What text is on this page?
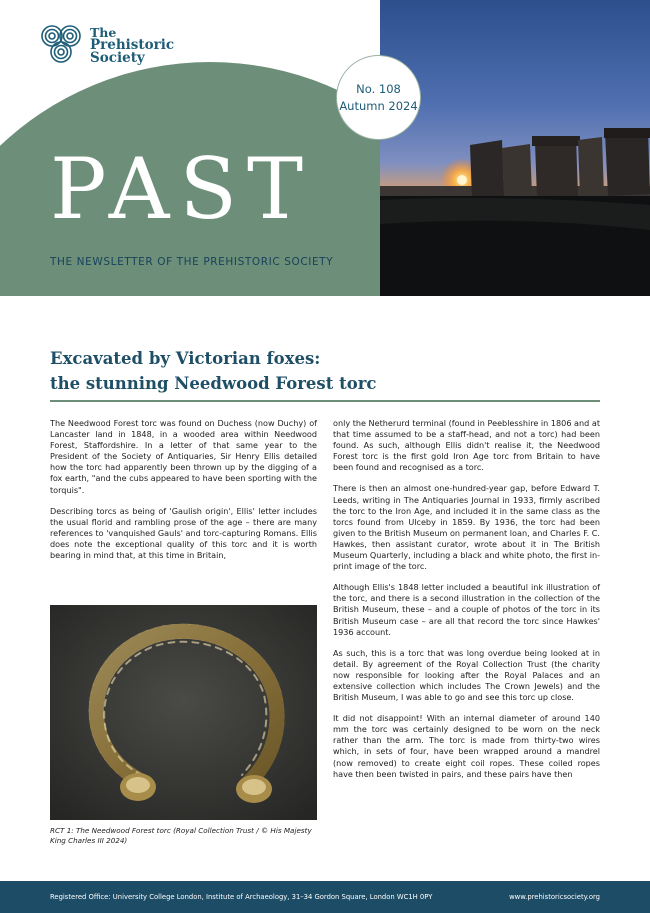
The
Prehistoric
Society
No. 108
Autumn 2024
PAST
THE NEWSLETTER OF THE PREHISTORIC SOCIETY
Excavated by Victorian foxes:
the stunning Needwood Forest torc

The Needwood Forest torc was found on Duchess (now Duchy) of Lancaster land in 1848, in a wooded area within Needwood Forest, Staffordshire. In a letter of that same year to the President of the Society of Antiquaries, Sir Henry Ellis detailed how the torc had apparently been thrown up by the digging of a fox earth, "and the cubs appeared to have been sporting with the torquis".

Describing torcs as being of 'Gaulish origin', Ellis' letter includes the usual florid and rambling prose of the age – there are many references to 'vanquished Gauls' and torc-capturing Romans. Ellis does note the exceptional quality of this torc and it is worth bearing in mind that, at this time in Britain,

RCT 1: The Needwood Forest torc (Royal Collection Trust / © His Majesty King Charles III 2024)

only the Netherurd terminal (found in Peeblesshire in 1806 and at that time assumed to be a staff-head, and not a torc) had been found. As such, although Ellis didn't realise it, the Needwood Forest torc is the first gold Iron Age torc from Britain to have been found and recognised as a torc.

There is then an almost one-hundred-year gap, before Edward T. Leeds, writing in The Antiquaries Journal in 1933, firmly ascribed the torc to the Iron Age, and included it in the same class as the torcs found from Ulceby in 1859. By 1936, the torc had been given to the British Museum on permanent loan, and Charles F. C. Hawkes, then assistant curator, wrote about it in The British Museum Quarterly, including a black and white photo, the first in-print image of the torc.

Although Ellis's 1848 letter included a beautiful ink illustration of the torc, and there is a second illustration in the collection of the British Museum, these – and a couple of photos of the torc in its British Museum case – are all that record the torc since Hawkes' 1936 account.

As such, this is a torc that was long overdue being looked at in detail. By agreement of the Royal Collection Trust (the charity now responsible for looking after the Royal Palaces and an extensive collection which includes The Crown Jewels) and the British Museum, I was able to go and see this torc up close.

It did not disappoint! With an internal diameter of around 140 mm the torc was certainly designed to be worn on the neck rather than the arm. The torc is made from thirty-two wires which, in sets of four, have been wrapped around a mandrel (now removed) to create eight coil ropes. These coiled ropes have then been twisted in pairs, and these pairs have then

Registered Office: University College London, Institute of Archaeology, 31–34 Gordon Square, London WC1H 0PY	www.prehistoricsociety.org
